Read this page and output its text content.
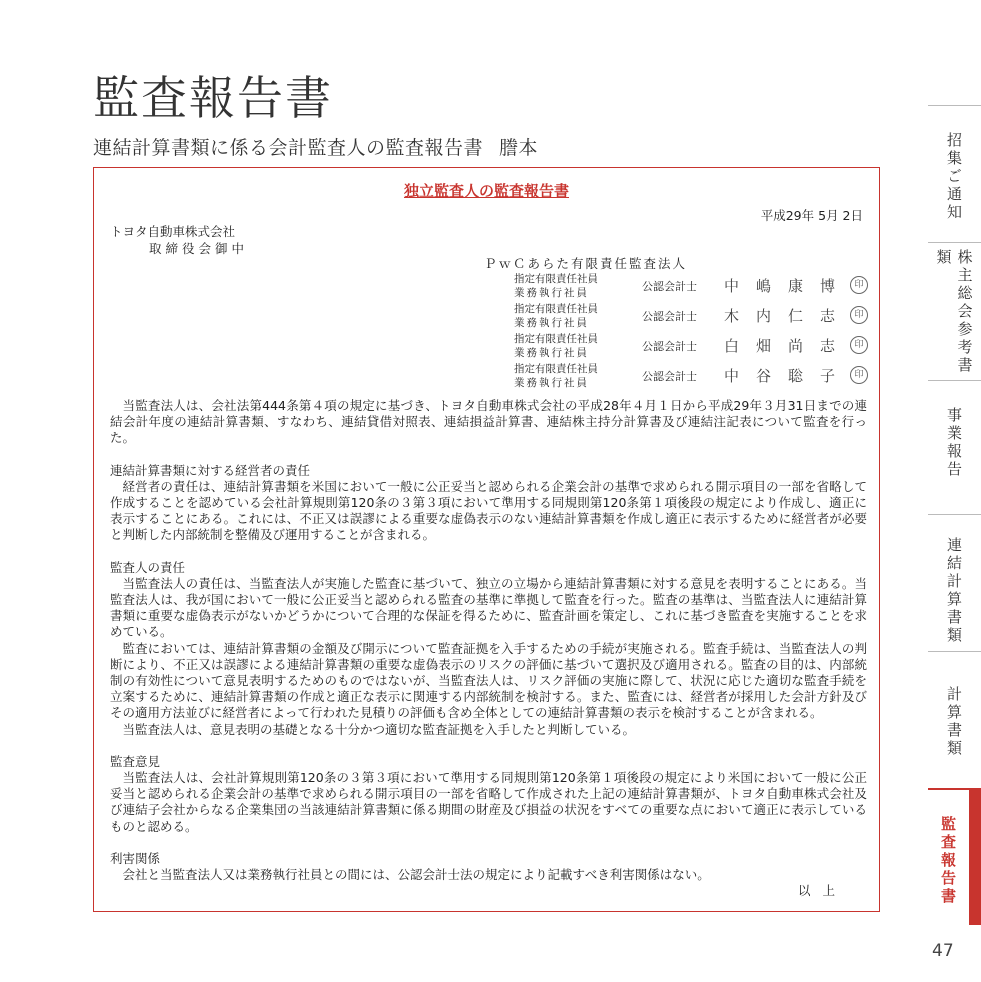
監査報告書
連結計算書類に係る会計監査人の監査報告書 謄本
独立監査人の監査報告書
平成29年 5月 2日
トヨタ自動車株式会社
取締役会御中
ＰｗＣあらた有限責任監査法人
指定有限責任社員
業務執行社員	公認会計士 中嶋康博 印
指定有限責任社員
業務執行社員	公認会計士 木内仁志 印
指定有限責任社員
業務執行社員	公認会計士 白畑尚志 印
指定有限責任社員
業務執行社員	公認会計士 中谷聡子 印

当監査法人は、会社法第444条第４項の規定に基づき、トヨタ自動車株式会社の平成28年４月１日から平成29年３月31日までの連結会計年度の連結計算書類、すなわち、連結貸借対照表、連結損益計算書、連結株主持分計算書及び連結注記表について監査を行った。

連結計算書類に対する経営者の責任

経営者の責任は、連結計算書類を米国において一般に公正妥当と認められる企業会計の基準で求められる開示項目の一部を省略して作成することを認めている会社計算規則第120条の３第３項において準用する同規則第120条第１項後段の規定により作成し、適正に表示することにある。これには、不正又は誤謬による重要な虚偽表示のない連結計算書類を作成し適正に表示するために経営者が必要と判断した内部統制を整備及び運用することが含まれる。

監査人の責任

当監査法人の責任は、当監査法人が実施した監査に基づいて、独立の立場から連結計算書類に対する意見を表明することにある。当監査法人は、我が国において一般に公正妥当と認められる監査の基準に準拠して監査を行った。監査の基準は、当監査法人に連結計算書類に重要な虚偽表示がないかどうかについて合理的な保証を得るために、監査計画を策定し、これに基づき監査を実施することを求めている。

監査においては、連結計算書類の金額及び開示について監査証拠を入手するための手続が実施される。監査手続は、当監査法人の判断により、不正又は誤謬による連結計算書類の重要な虚偽表示のリスクの評価に基づいて選択及び適用される。監査の目的は、内部統制の有効性について意見表明するためのものではないが、当監査法人は、リスク評価の実施に際して、状況に応じた適切な監査手続を立案するために、連結計算書類の作成と適正な表示に関連する内部統制を検討する。また、監査には、経営者が採用した会計方針及びその適用方法並びに経営者によって行われた見積りの評価も含め全体としての連結計算書類の表示を検討することが含まれる。

当監査法人は、意見表明の基礎となる十分かつ適切な監査証拠を入手したと判断している。

監査意見

当監査法人は、会社計算規則第120条の３第３項において準用する同規則第120条第１項後段の規定により米国において一般に公正妥当と認められる企業会計の基準で求められる開示項目の一部を省略して作成された上記の連結計算書類が、トヨタ自動車株式会社及び連結子会社からなる企業集団の当該連結計算書類に係る期間の財産及び損益の状況をすべての重要な点において適正に表示しているものと認める。

利害関係

会社と当監査法人又は業務執行社員との間には、公認会計士法の規定により記載すべき利害関係はない。

以上
招集ご通知
株主総会参考書類
事業報告
連結計算書類
計算書類
監査報告書
47
